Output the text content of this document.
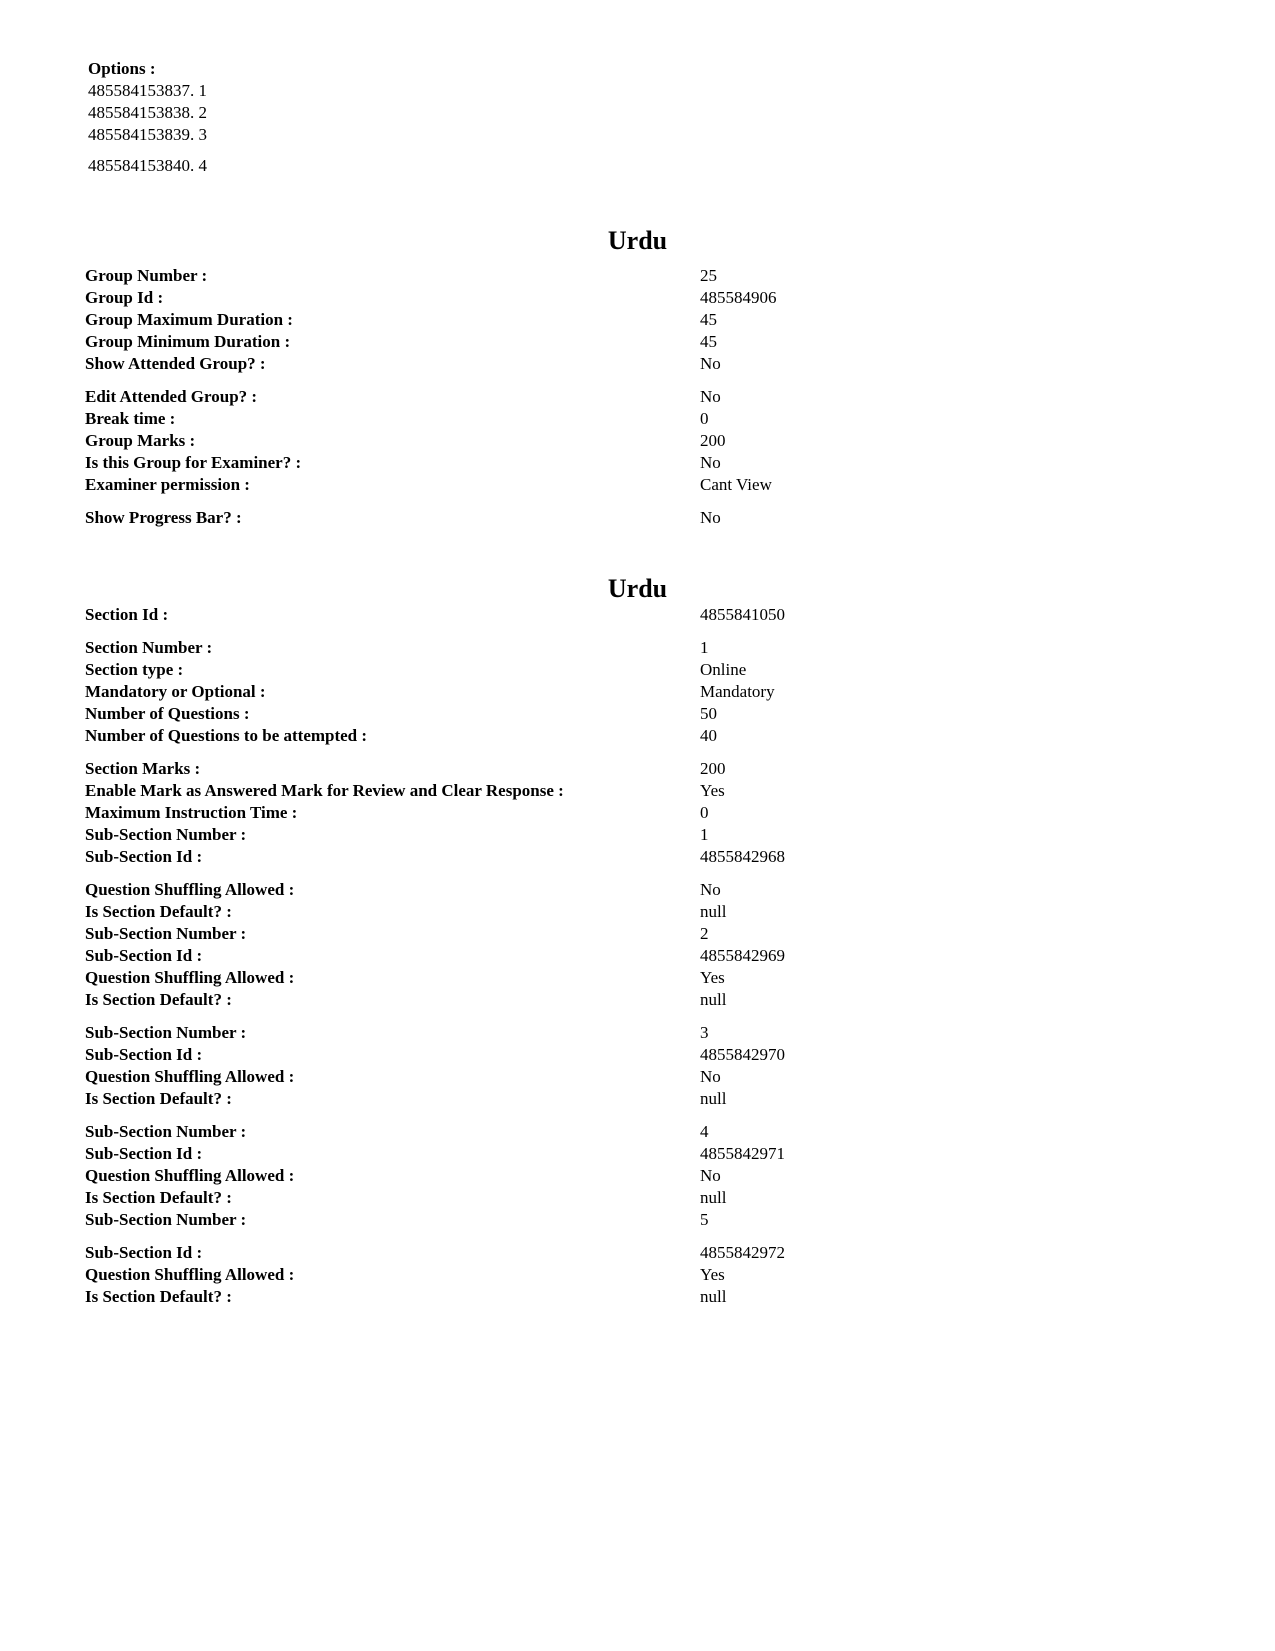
Options :
485584153837. 1
485584153838. 2
485584153839. 3
485584153840. 4
Urdu
Group Number :	25
Group Id :	485584906
Group Maximum Duration :	45
Group Minimum Duration :	45
Show Attended Group? :	No
Edit Attended Group? :	No
Break time :	0
Group Marks :	200
Is this Group for Examiner? :	No
Examiner permission :	Cant View
Show Progress Bar? :	No
Urdu
Section Id :	4855841050
Section Number :	1
Section type :	Online
Mandatory or Optional :	Mandatory
Number of Questions :	50
Number of Questions to be attempted :	40
Section Marks :	200
Enable Mark as Answered Mark for Review and Clear Response :	Yes
Maximum Instruction Time :	0
Sub-Section Number :	1
Sub-Section Id :	4855842968
Question Shuffling Allowed :	No
Is Section Default? :	null
Sub-Section Number :	2
Sub-Section Id :	4855842969
Question Shuffling Allowed :	Yes
Is Section Default? :	null
Sub-Section Number :	3
Sub-Section Id :	4855842970
Question Shuffling Allowed :	No
Is Section Default? :	null
Sub-Section Number :	4
Sub-Section Id :	4855842971
Question Shuffling Allowed :	No
Is Section Default? :	null
Sub-Section Number :	5
Sub-Section Id :	4855842972
Question Shuffling Allowed :	Yes
Is Section Default? :	null
